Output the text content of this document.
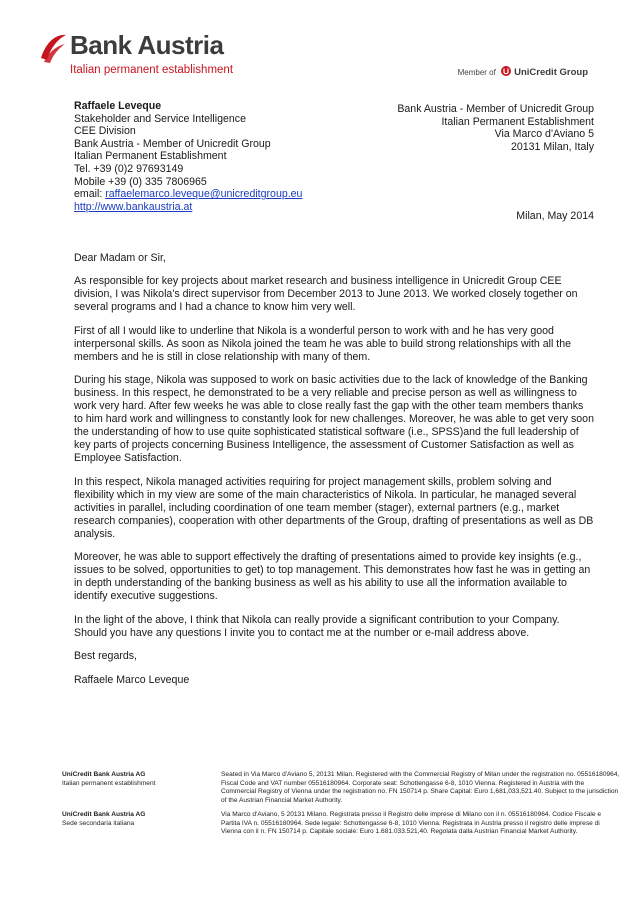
Bank Austria
Italian permanent establishment	Member of UniCredit Group
Raffaele Leveque
Stakeholder and Service Intelligence
CEE Division
Bank Austria - Member of Unicredit Group
Italian Permanent Establishment
Tel. +39 (0)2 97693149
Mobile +39 (0) 335 7806965
email: raffaelemarco.leveque@unicreditgroup.eu
http://www.bankaustria.at
Bank Austria - Member of Unicredit Group
Italian Permanent Establishment
Via Marco d'Aviano 5
20131 Milan, Italy
Milan, May 2014

Dear Madam or Sir,

As responsible for key projects about market research and business intelligence in Unicredit Group CEE division, I was Nikola's direct supervisor from December 2013 to June 2013. We worked closely together on several programs and I had a chance to know him very well.

First of all I would like to underline that Nikola is a wonderful person to work with and he has very good interpersonal skills. As soon as Nikola joined the team he was able to build strong relationships with all the members and he is still in close relationship with many of them.

During his stage, Nikola was supposed to work on basic activities due to the lack of knowledge of the Banking business. In this respect, he demonstrated to be a very reliable and precise person as well as willingness to work very hard. After few weeks he was able to close really fast the gap with the other team members thanks to him hard work and willingness to constantly look for new challenges. Moreover, he was able to get very soon the understanding of how to use quite sophisticated statistical software (i.e., SPSS)and the full leadership of key parts of projects concerning Business Intelligence, the assessment of Customer Satisfaction as well as Employee Satisfaction.

In this respect, Nikola managed activities requiring for project management skills, problem solving and flexibility which in my view are some of the main characteristics of Nikola. In particular, he managed several activities in parallel, including coordination of one team member (stager), external partners (e.g., market research companies), cooperation with other departments of the Group, drafting of presentations as well as DB analysis.

Moreover, he was able to support effectively the drafting of presentations aimed to provide key insights (e.g., issues to be solved, opportunities to get) to top management. This demonstrates how fast he was in getting an in depth understanding of the banking business as well as his ability to use all the information available to identify executive suggestions.

In the light of the above, I think that Nikola can really provide a significant contribution to your Company. Should you have any questions I invite you to contact me at the number or e-mail address above.

Best regards,

Raffaele Marco Leveque

UniCredit Bank Austria AG
Italian permanent establishment
Seated in Via Marco d'Aviano 5, 20131 Milan. Registered with the Commercial Registry of Milan under the registration no. 05516180964, Fiscal Code and VAT number 05516180964. Corporate seat: Schottengasse 6-8, 1010 Vienna. Registered in Austria with the Commercial Registry of Vienna under the registration no. FN 150714 p. Share Capital: Euro 1,681,033,521.40. Subject to the jurisdiction of the Austrian Financial Market Authority.
UniCredit Bank Austria AG
Sede secondaria italiana
Via Marco d'Aviano, 5 20131 Milano. Registrata presso il Registro delle imprese di Milano con il n. 05516180964. Codice Fiscale e Partita IVA n. 05516180964. Sede legale: Schottengasse 6-8, 1010 Vienna. Registrata in Austria presso il registro delle imprese di Vienna con il n. FN 150714 p. Capitale sociale: Euro 1.681.033.521,40. Regolata dalla Austrian Financial Market Authority.
